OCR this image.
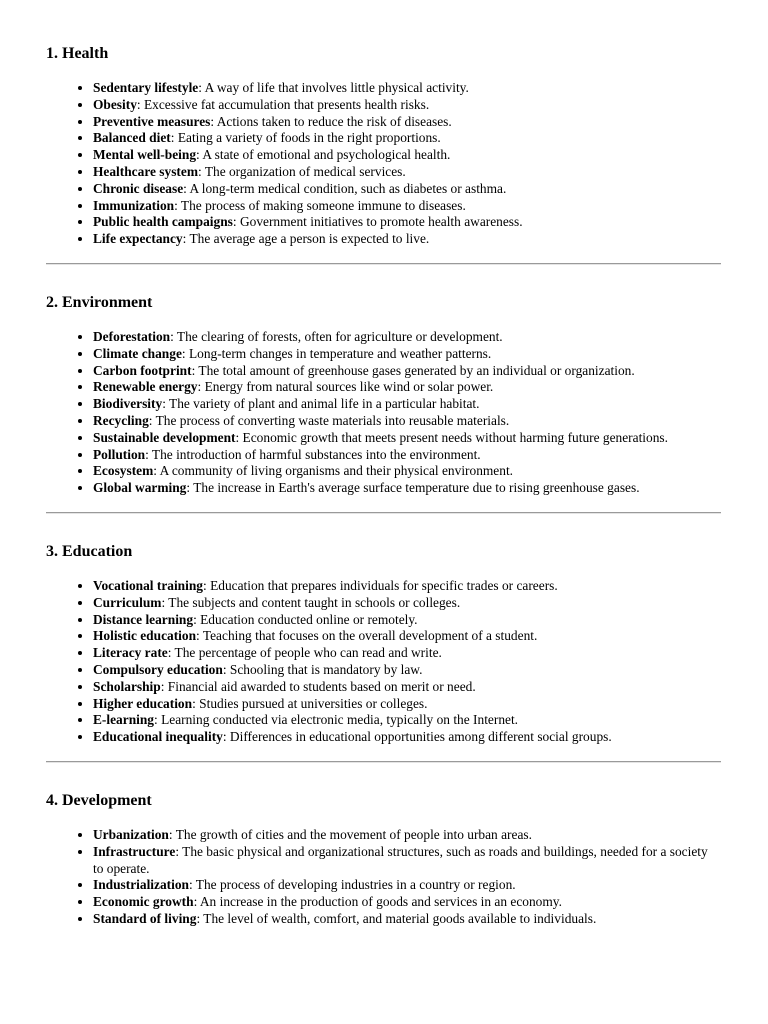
1. Health
• Sedentary lifestyle: A way of life that involves little physical activity.
• Obesity: Excessive fat accumulation that presents health risks.
• Preventive measures: Actions taken to reduce the risk of diseases.
• Balanced diet: Eating a variety of foods in the right proportions.
• Mental well-being: A state of emotional and psychological health.
• Healthcare system: The organization of medical services.
• Chronic disease: A long-term medical condition, such as diabetes or asthma.
• Immunization: The process of making someone immune to diseases.
• Public health campaigns: Government initiatives to promote health awareness.
• Life expectancy: The average age a person is expected to live.
2. Environment
• Deforestation: The clearing of forests, often for agriculture or development.
• Climate change: Long-term changes in temperature and weather patterns.
• Carbon footprint: The total amount of greenhouse gases generated by an individual or organization.
• Renewable energy: Energy from natural sources like wind or solar power.
• Biodiversity: The variety of plant and animal life in a particular habitat.
• Recycling: The process of converting waste materials into reusable materials.
• Sustainable development: Economic growth that meets present needs without harming future generations.
• Pollution: The introduction of harmful substances into the environment.
• Ecosystem: A community of living organisms and their physical environment.
• Global warming: The increase in Earth's average surface temperature due to rising greenhouse gases.
3. Education
• Vocational training: Education that prepares individuals for specific trades or careers.
• Curriculum: The subjects and content taught in schools or colleges.
• Distance learning: Education conducted online or remotely.
• Holistic education: Teaching that focuses on the overall development of a student.
• Literacy rate: The percentage of people who can read and write.
• Compulsory education: Schooling that is mandatory by law.
• Scholarship: Financial aid awarded to students based on merit or need.
• Higher education: Studies pursued at universities or colleges.
• E-learning: Learning conducted via electronic media, typically on the Internet.
• Educational inequality: Differences in educational opportunities among different social groups.
4. Development
• Urbanization: The growth of cities and the movement of people into urban areas.
• Infrastructure: The basic physical and organizational structures, such as roads and buildings, needed for a society to operate.
• Industrialization: The process of developing industries in a country or region.
• Economic growth: An increase in the production of goods and services in an economy.
• Standard of living: The level of wealth, comfort, and material goods available to individuals.
